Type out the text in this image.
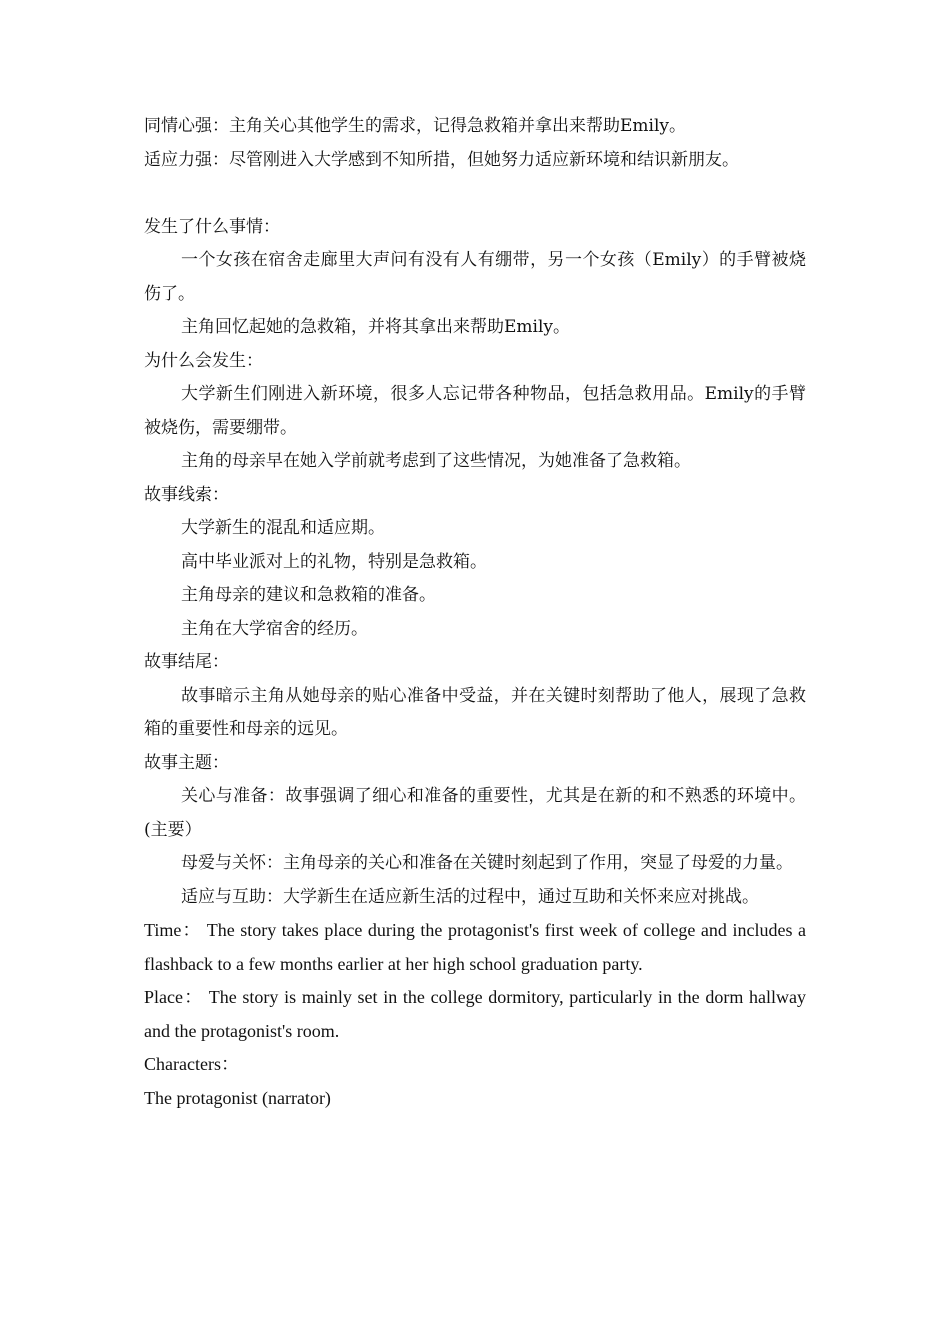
同情心强：主角关心其他学生的需求，记得急救箱并拿出来帮助Emily。

适应力强：尽管刚进入大学感到不知所措，但她努力适应新环境和结识新朋友。

发生了什么事情：

一个女孩在宿舍走廊里大声问有没有人有绷带，另一个女孩（Emily）的手臂被烧伤了。

主角回忆起她的急救箱，并将其拿出来帮助Emily。

为什么会发生：

大学新生们刚进入新环境，很多人忘记带各种物品，包括急救用品。Emily的手臂被烧伤，需要绷带。

主角的母亲早在她入学前就考虑到了这些情况，为她准备了急救箱。

故事线索：

大学新生的混乱和适应期。

高中毕业派对上的礼物，特别是急救箱。

主角母亲的建议和急救箱的准备。

主角在大学宿舍的经历。

故事结尾：

故事暗示主角从她母亲的贴心准备中受益，并在关键时刻帮助了他人，展现了急救箱的重要性和母亲的远见。

故事主题：

关心与准备：故事强调了细心和准备的重要性，尤其是在新的和不熟悉的环境中。(主要）

母爱与关怀：主角母亲的关心和准备在关键时刻起到了作用，突显了母爱的力量。

适应与互助：大学新生在适应新生活的过程中，通过互助和关怀来应对挑战。

Time： The story takes place during the protagonist's first week of college and includes a flashback to a few months earlier at her high school graduation party.

Place： The story is mainly set in the college dormitory, particularly in the dorm hallway and the protagonist's room.

Characters：

The protagonist (narrator)
